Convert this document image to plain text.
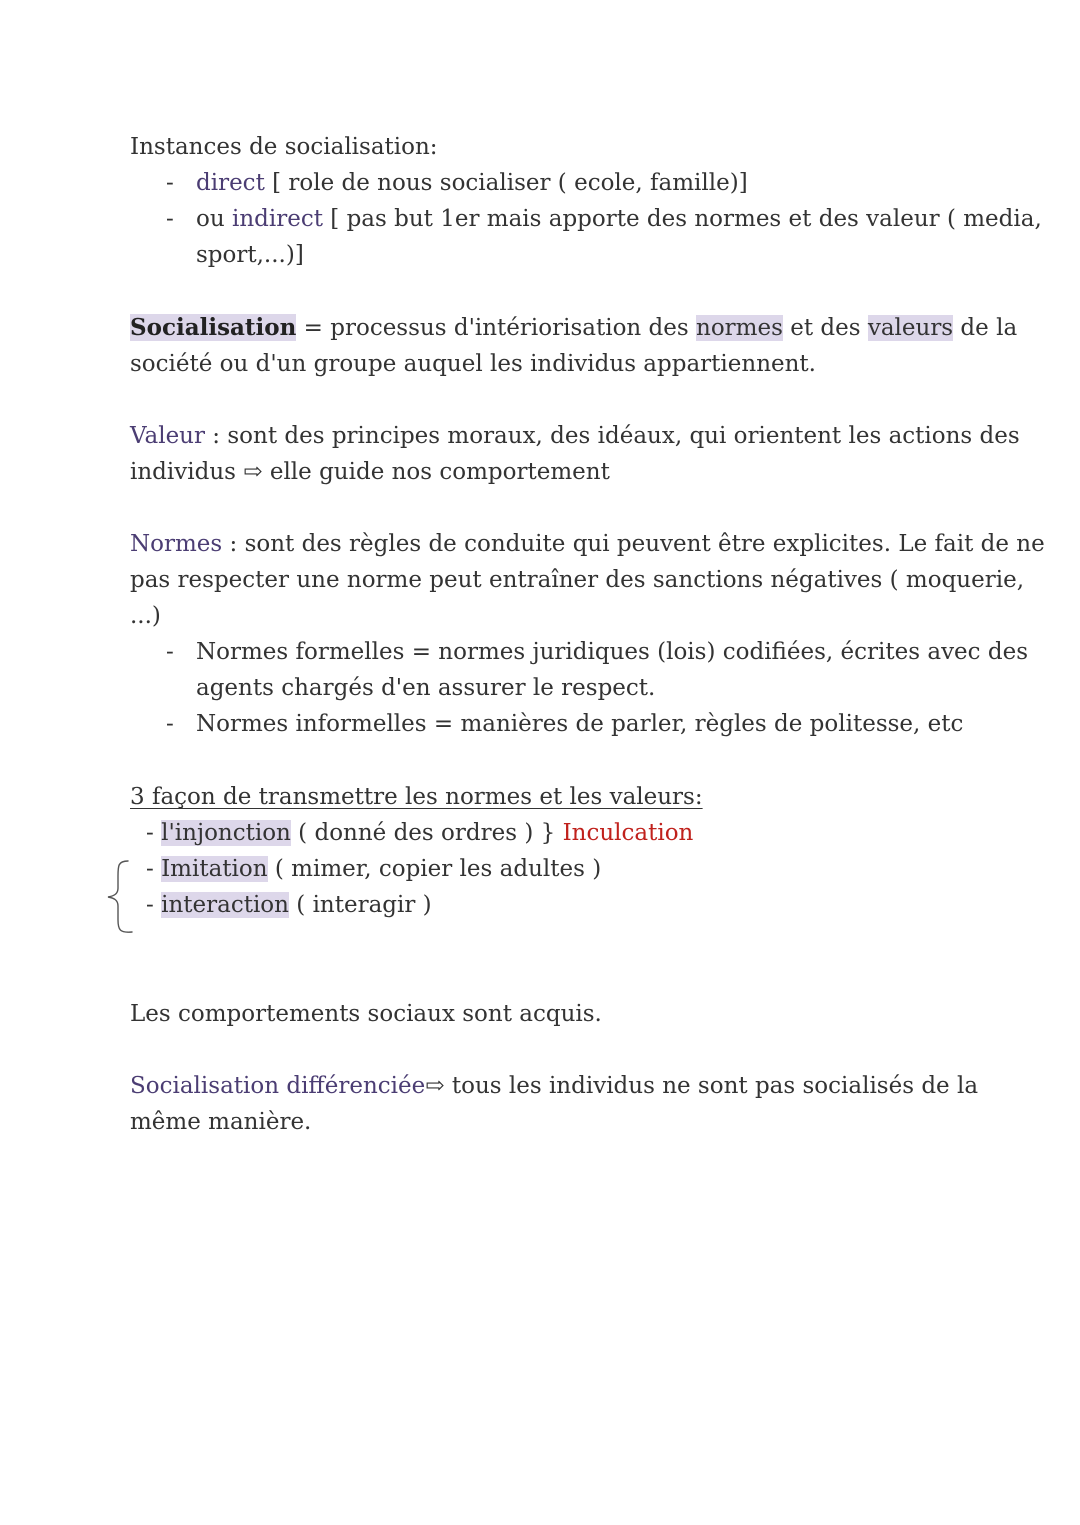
Instances de socialisation:
- direct [ role de nous socialiser ( ecole, famille)]
- ou indirect [ pas but 1er mais apporte des normes et des valeur ( media,
sport,...)]
Socialisation = processus d'intériorisation des normes et des valeurs de la
société ou d'un groupe auquel les individus appartiennent.
Valeur : sont des principes moraux, des idéaux, qui orientent les actions des
individus ⇨ elle guide nos comportement
Normes : sont des règles de conduite qui peuvent être explicites. Le fait de ne
pas respecter une norme peut entraîner des sanctions négatives ( moquerie,
...)
- Normes formelles = normes juridiques (lois) codifiées, écrites avec des
agents chargés d'en assurer le respect.
- Normes informelles = manières de parler, règles de politesse, etc
3 façon de transmettre les normes et les valeurs:
- l'injonction ( donné des ordres ) } Inculcation
- Imitation ( mimer, copier les adultes )
- interaction ( interagir )
Les comportements sociaux sont acquis.
Socialisation différenciée⇨ tous les individus ne sont pas socialisés de la
même manière.
